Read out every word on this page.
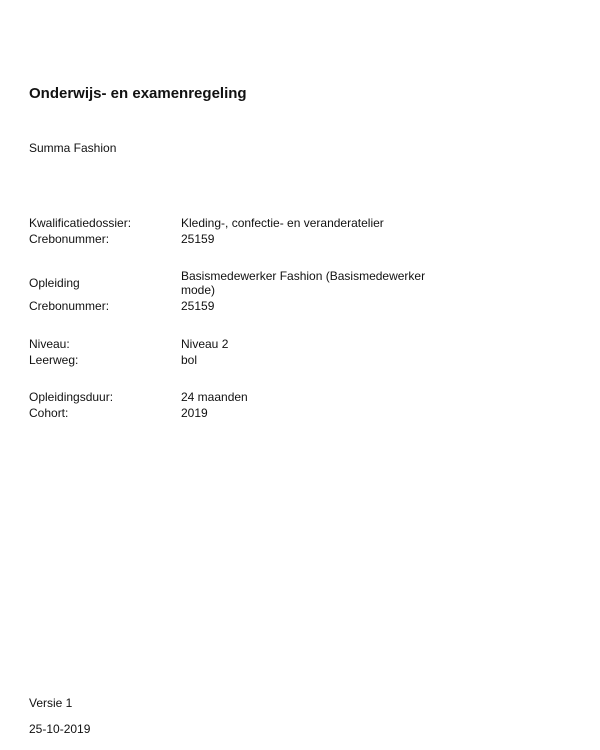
Onderwijs- en examenregeling
Summa Fashion
Kwalificatiedossier:	Kleding-, confectie- en veranderatelier
Crebonummer:	25159
Opleiding	Basismedewerker Fashion (Basismedewerker mode)
Crebonummer:	25159
Niveau:	Niveau 2
Leerweg:	bol
Opleidingsduur:	24 maanden
Cohort:	2019
Versie 1
25-10-2019
